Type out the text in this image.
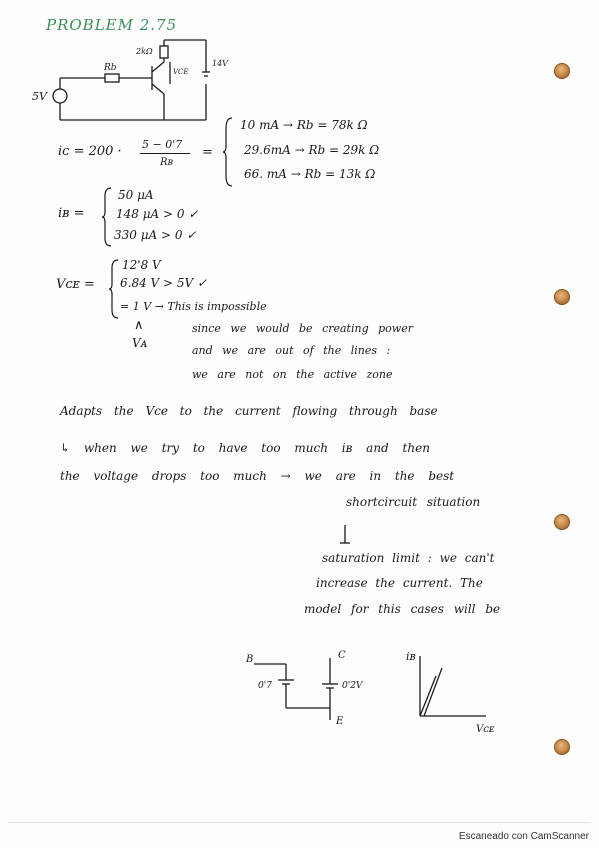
PROBLEM 2.75
5V
Rb
2kΩ
VCE
14V
iᴄ = 200 · 5 − 0'7
Rʙ
=
10 mA → Rb = 78k Ω
29.6mA → Rb = 29k Ω
66. mA → Rb = 13k Ω
iʙ =
50 μA
148 μA > 0 ✓
330 μA > 0 ✓
Vᴄᴇ =
12'8 V
6.84 V > 5V ✓
= 1 V → This is impossible
∧
Vᴀ
since we would be creating power
and we are out of the lines :
we are not on the active zone
Adapts the Vce to the current flowing through base
↳ when we try to have too much iʙ and then
the voltage drops too much → we are in the best
shortcircuit situation
saturation limit : we can't
increase the current. The
model for this cases will be
B	C
E
0'7	0'2V
iʙ
Vᴄᴇ
Escaneado con CamScanner
